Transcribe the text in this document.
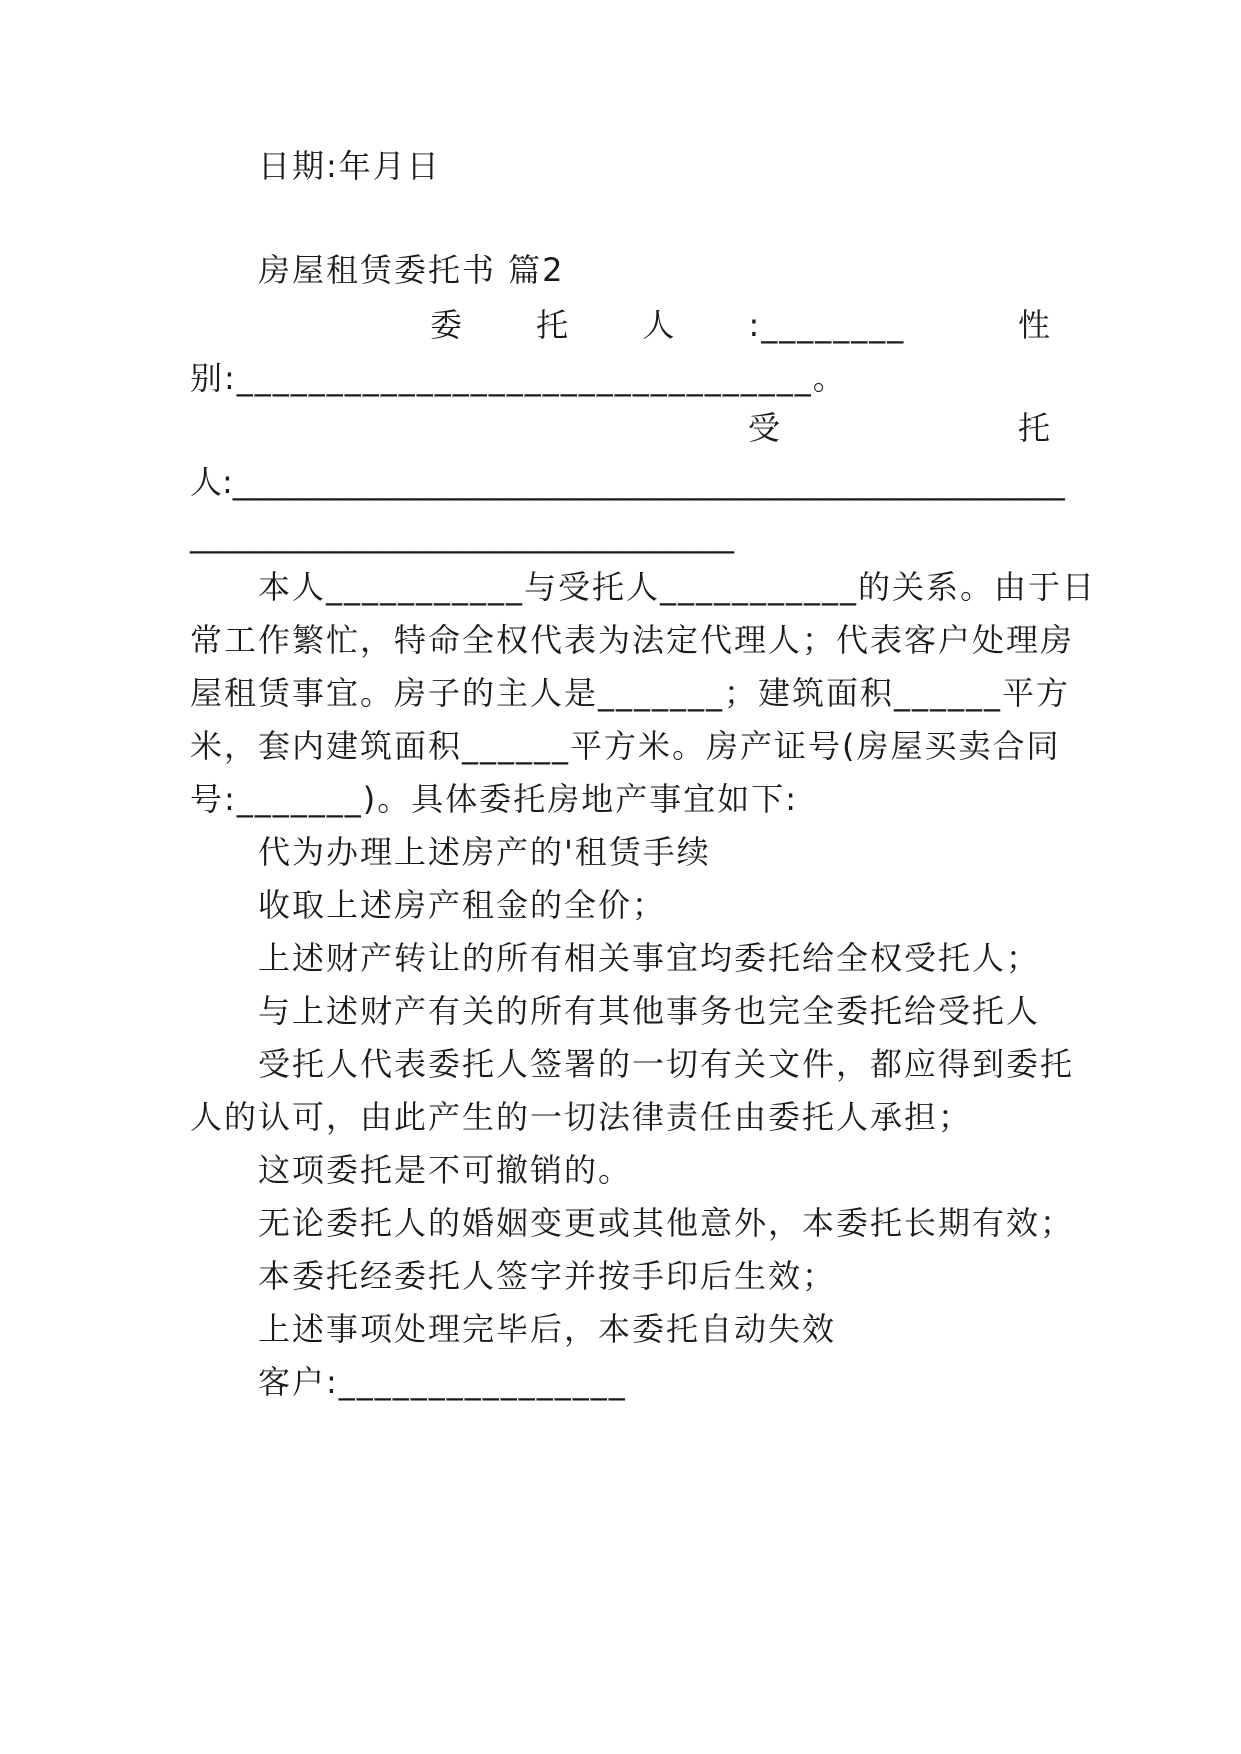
日期:年月日

房屋租赁委托书 篇2

委 托 人 :________	性

别:________________________________。

受	托

人:____________________________________________________

__________________________________

本人___________与受托人___________的关系。由于日

常工作繁忙，特命全权代表为法定代理人；代表客户处理房

屋租赁事宜。房子的主人是_______；建筑面积______平方

米，套内建筑面积______平方米。房产证号(房屋买卖合同

号:_______)。具体委托房地产事宜如下:

代为办理上述房产的'租赁手续

收取上述房产租金的全价；

上述财产转让的所有相关事宜均委托给全权受托人；

与上述财产有关的所有其他事务也完全委托给受托人

受托人代表委托人签署的一切有关文件，都应得到委托

人的认可，由此产生的一切法律责任由委托人承担；

这项委托是不可撤销的。

无论委托人的婚姻变更或其他意外，本委托长期有效；

本委托经委托人签字并按手印后生效；

上述事项处理完毕后，本委托自动失效

客户:________________
